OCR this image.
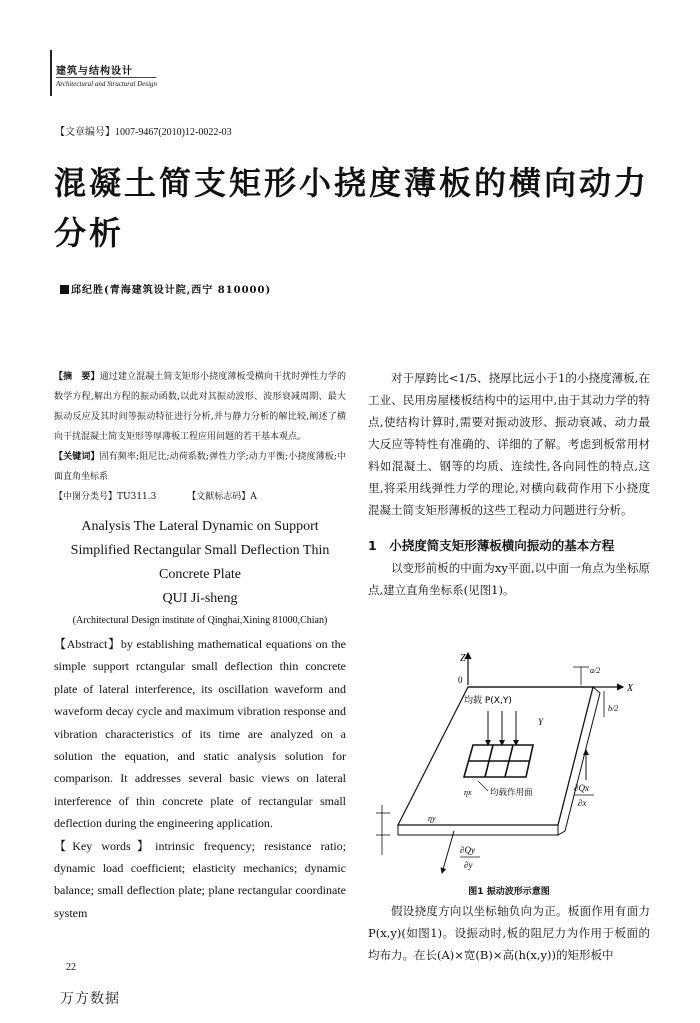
建筑与结构设计
Architectural and Structural Design
【文章编号】1007-9467(2010)12-0022-03
混凝土简支矩形小挠度薄板的横向动力分析
邱纪胜(青海建筑设计院,西宁 810000)
【摘　要】通过建立混凝土简支矩形小挠度薄板受横向干扰时弹性力学的数学方程,解出方程的振动函数,以此对其振动波形、波形衰减周期、最大振动反应及其时间等振动特征进行分析,并与静力分析的解比较,阐述了横向干扰混凝土简支矩形等厚薄板工程应用问题的若干基本观点。
【关键词】固有频率;阻尼比;动荷系数;弹性力学;动力平衡;小挠度薄板;中面直角坐标系
【中图分类号】TU311.3	【文献标志码】A
Analysis The Lateral Dynamic on Support
Simplified Rectangular Small Deflection Thin
Concrete Plate
QUI Ji-sheng
(Architectural Design institute of Qinghai,Xining 81000,Chian)
【Abstract】by establishing mathematical equations on the simple support rctangular small deflection thin concrete plate of lateral interference, its oscillation waveform and waveform decay cycle and maximum vibration response and vibration characteristics of its time are analyzed on a solution the equation, and static analysis solution for comparison. It addresses several basic views on lateral interference of thin concrete plate of rectangular small deflection during the engineering application.
【Key words】intrinsic frequency; resistance ratio; dynamic load coefficient; elasticity mechanics; dynamic balance; small deflection plate; plane rectangular coordinate system

对于厚跨比<1/5、挠厚比远小于1的小挠度薄板,在工业、民用房屋楼板结构中的运用中,由于其动力学的特点,使结构计算时,需要对振动波形、振动衰减、动力最大反应等特性有准确的、详细的了解。考虑到板常用材料如混凝土、钢等的均质、连续性,各向同性的特点,这里,将采用线弹性力学的理论,对横向载荷作用下小挠度混凝土简支矩形薄板的这些工程动力问题进行分析。

1　小挠度简支矩形薄板横向振动的基本方程

以变形前板的中面为xy平面,以中面一角点为坐标原点,建立直角坐标系(见图1)。

Z
0
X
a/2
b/2
均载 P(X,Y)
Y
∂Qx
∂x
均载作用面
ηy
ηx
∂Qy
∂y
图1 振动波形示意图

假设挠度方向以坐标轴负向为正。板面作用有面力P(x,y)(如图1)。设振动时,板的阻尼力为作用于板面的均布力。在长(A)×宽(B)×高(h(x,y))的矩形板中

22
万方数据
